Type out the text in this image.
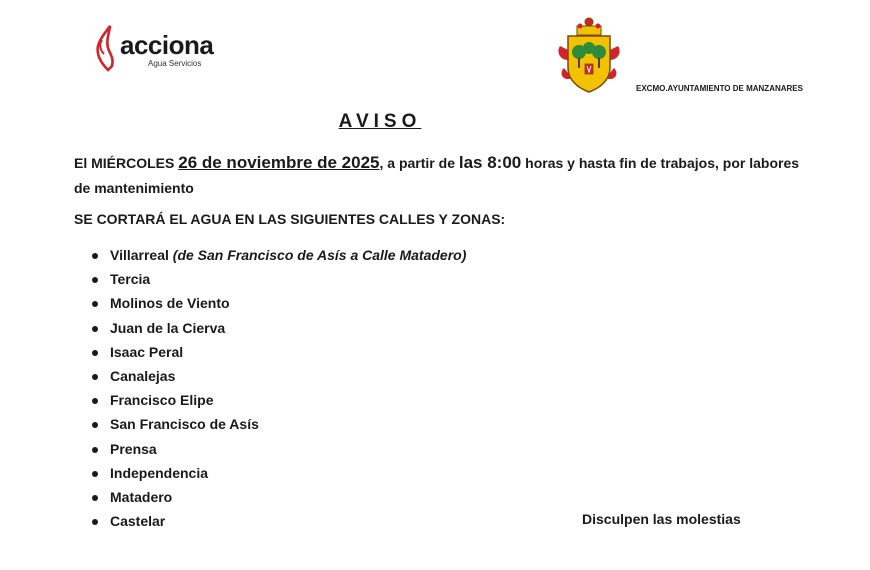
acciona
Agua Servicios
EXCMO.AYUNTAMIENTO DE MANZANARES
AVISO
El MIÉRCOLES 26 de noviembre de 2025, a partir de las 8:00 horas y hasta fin de trabajos, por labores de mantenimiento
SE CORTARÁ EL AGUA EN LAS SIGUIENTES CALLES Y ZONAS:
Villarreal (de San Francisco de Asís a Calle Matadero)
Tercia
Molinos de Viento
Juan de la Cierva
Isaac Peral
Canalejas
Francisco Elipe
San Francisco de Asís
Prensa
Independencia
Matadero
Castelar	Disculpen las molestias
